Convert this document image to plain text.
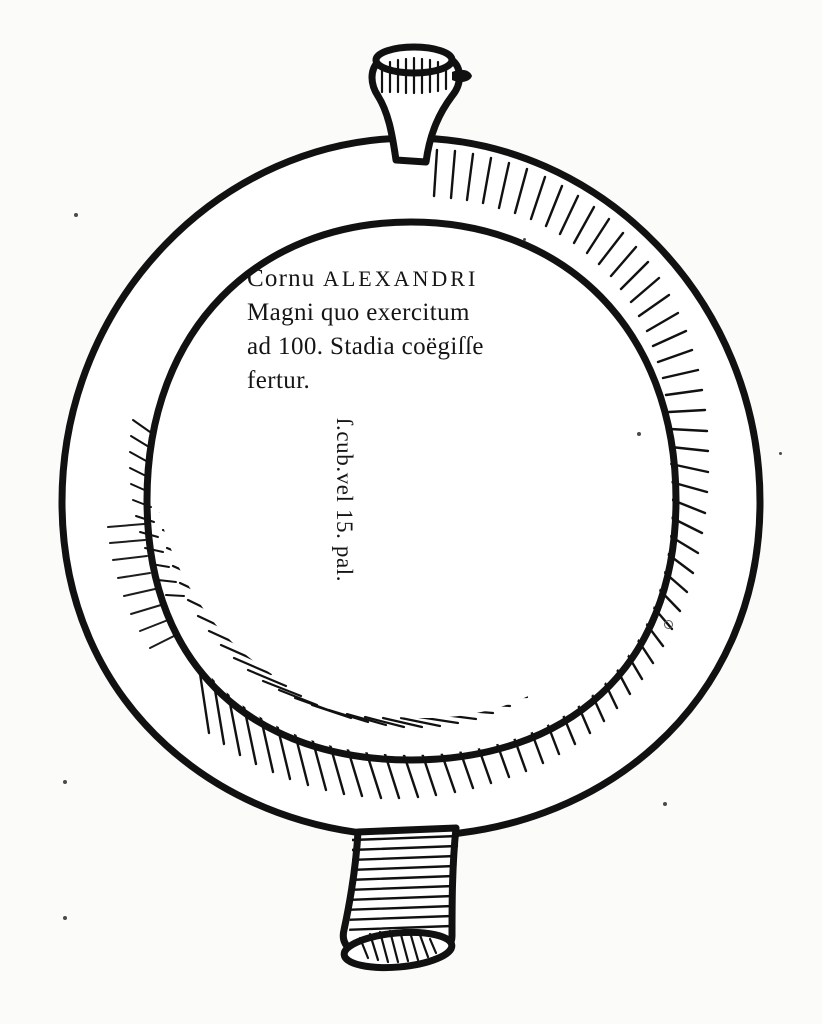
Cornu ALEXANDRI
Magni quo exercitum
ad 100. Stadia coëgiſſe
fertur.
ſ.cub.vel 15. pal.
